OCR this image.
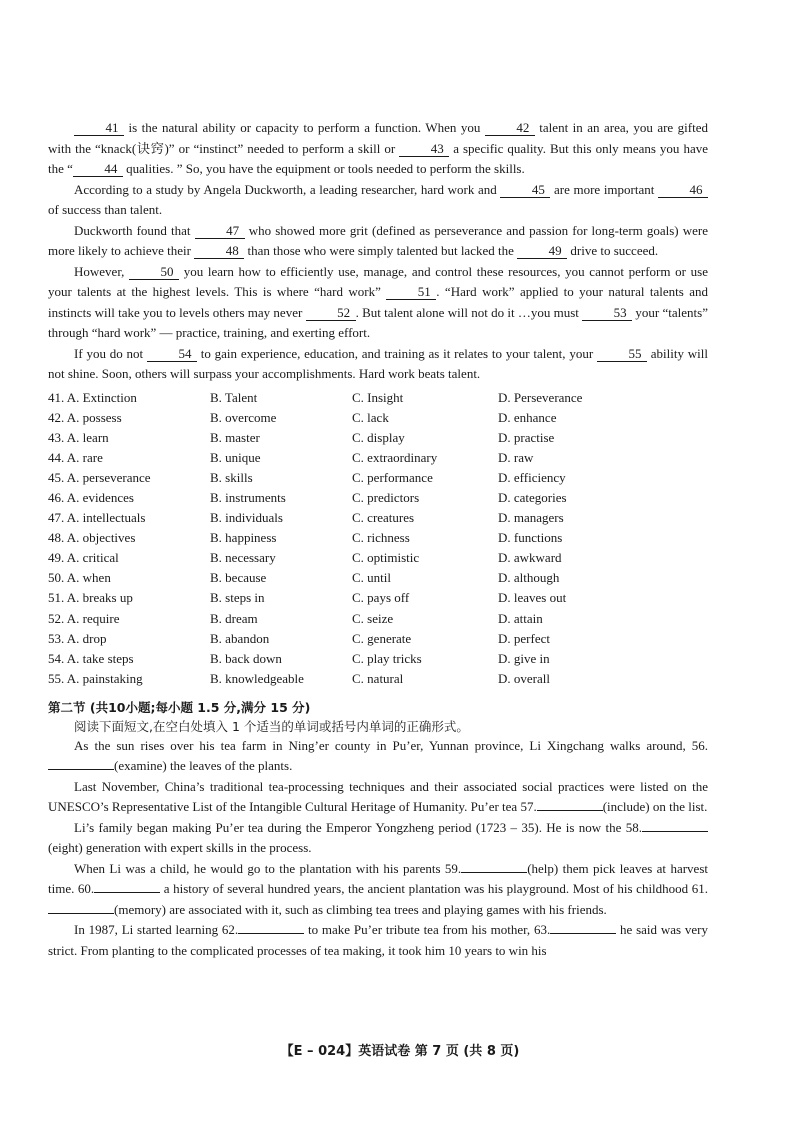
41 is the natural ability or capacity to perform a function. When you 42 talent in an area, you are gifted with the “knack(诀窍)” or “instinct” needed to perform a skill or 43 a specific quality. But this only means you have the “ 44 qualities. ” So, you have the equipment or tools needed to perform the skills.

According to a study by Angela Duckworth, a leading researcher, hard work and 45 are more important 46 of success than talent.

Duckworth found that 47 who showed more grit (defined as perseverance and passion for long-term goals) were more likely to achieve their 48 than those who were simply talented but lacked the 49 drive to succeed.

However, 50 you learn how to efficiently use, manage, and control these resources, you cannot perform or use your talents at the highest levels. This is where “hard work” 51 . “Hard work” applied to your natural talents and instincts will take you to levels others may never 52 . But talent alone will not do it …you must 53 your “talents” through “hard work” — practice, training, and exerting effort.

If you do not 54 to gain experience, education, and training as it relates to your talent, your 55 ability will not shine. Soon, others will surpass your accomplishments. Hard work beats talent.

41. A. Extinction	B. Talent	C. Insight	D. Perseverance
42. A. possess	B. overcome	C. lack	D. enhance
43. A. learn	B. master	C. display	D. practise
44. A. rare	B. unique	C. extraordinary	D. raw
45. A. perseverance	B. skills	C. performance	D. efficiency
46. A. evidences	B. instruments	C. predictors	D. categories
47. A. intellectuals	B. individuals	C. creatures	D. managers
48. A. objectives	B. happiness	C. richness	D. functions
49. A. critical	B. necessary	C. optimistic	D. awkward
50. A. when	B. because	C. until	D. although
51. A. breaks up	B. steps in	C. pays off	D. leaves out
52. A. require	B. dream	C. seize	D. attain
53. A. drop	B. abandon	C. generate	D. perfect
54. A. take steps	B. back down	C. play tricks	D. give in
55. A. painstaking	B. knowledgeable	C. natural	D. overall
第二节 (共10小题;每小题 1.5 分,满分 15 分)
阅读下面短文,在空白处填入 1 个适当的单词或括号内单词的正确形式。

As the sun rises over his tea farm in Ning’er county in Pu’er, Yunnan province, Li Xingchang walks around, 56.(examine) the leaves of the plants.

Last November, China’s traditional tea-processing techniques and their associated social practices were listed on the UNESCO’s Representative List of the Intangible Cultural Heritage of Humanity. Pu’er tea 57.	(include) on the list.

Li’s family began making Pu’er tea during the Emperor Yongzheng period (1723 – 35). He is now the 58.(eight) generation with expert skills in the process.

When Li was a child, he would go to the plantation with his parents 59.	(help) them pick leaves at harvest time. 60.	a history of several hundred years, the ancient plantation was his playground. Most of his childhood 61.(memory) are associated with it, such as climbing tea trees and playing games with his friends.

In 1987, Li started learning 62.	to make Pu’er tribute tea from his mother, 63.	he said was very strict. From planting to the complicated processes of tea making, it took him 10 years to win his

【E – 024】英语试卷 第 7 页 (共 8 页)
